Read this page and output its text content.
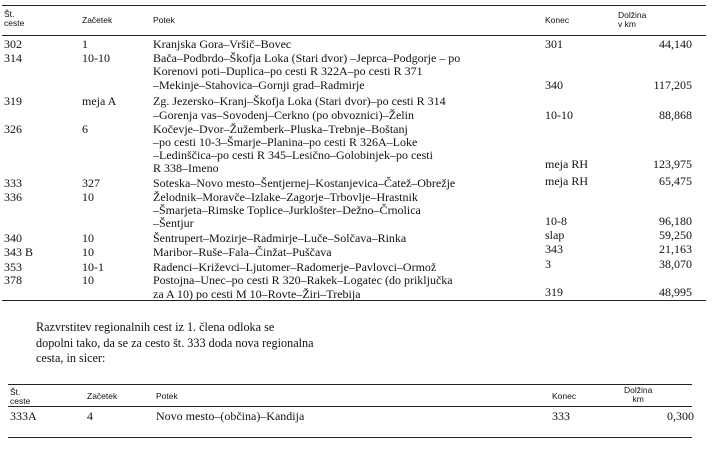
Št.
ceste	Začetek	Potek	Konec	Dolžina
v km
302	1	Kranjska Gora–Vršič–Bovec	301	44,140
314	10-10	Bača–Podbrdo–Škofja Loka (Stari dvor) –Jeprca–Podgorje – po
Korenovi poti–Duplica–po cesti R 322A–po cesti R 371
–Mekinje–Stahovica–Gornji grad–Radmirje	340	117,205
319	meja A	Zg. Jezersko–Kranj–Škofja Loka (Stari dvor)–po cesti R 314
–Gorenja vas–Sovodenj–Cerkno (po obvoznici)–Želin	10-10	88,868
326	6	Kočevje–Dvor–Žužemberk–Pluska–Trebnje–Boštanj
–po cesti 10-3–Šmarje–Planina–po cesti R 326A–Loke
–Ledinščica–po cesti R 345–Lesično–Golobinjek–po cesti
R 338–Imeno	meja RH	123,975
333	327	Soteska–Novo mesto–Šentjernej–Kostanjevica–Čatež–Obrežje	meja RH	65,475
336	10	Želodnik–Moravče–Izlake–Zagorje–Trbovlje–Hrastnik
–Šmarjeta–Rimske Toplice–Jurklošter–Dežno–Črnolica
–Šentjur	10-8	96,180
340	10	Šentrupert–Mozirje–Radmirje–Luče–Solčava–Rinka	slap	59,250
343 B	10	Maribor–Ruše–Fala–Činžat–Puščava	343	21,163
353	10-1	Radenci–Križevci–Ljutomer–Radomerje–Pavlovci–Ormož	3	38,070
378	10	Postojna–Unec–po cesti R 320–Rakek–Logatec (do priključka
za A 10) po cesti M 10–Rovte–Žiri–Trebija	319	48,995
Razvrstitev regionalnih cest iz 1. člena odloka se
dopolni tako, da se za cesto št. 333 doda nova regionalna
cesta, in sicer:
Št.
ceste	Začetek	Potek	Konec
Dolžina
km
333A	4	Novo mesto–(občina)–Kandija	333	0,300
